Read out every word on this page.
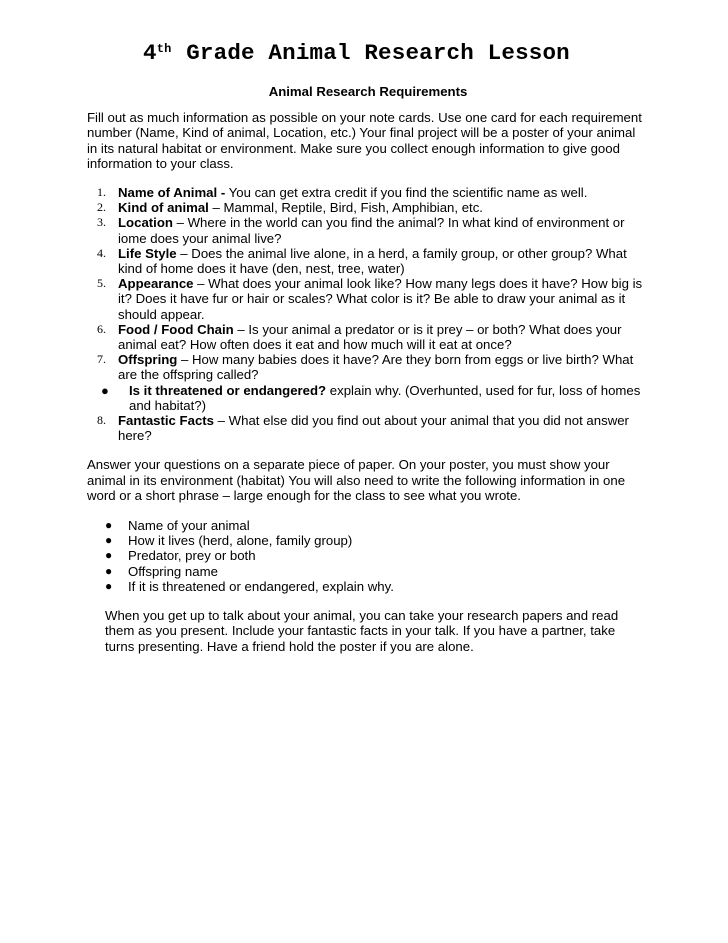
4th Grade Animal Research Lesson
Animal Research Requirements

Fill out as much information as possible on your note cards. Use one card for each requirement number (Name, Kind of animal, Location, etc.) Your final project will be a poster of your animal in its natural habitat or environment. Make sure you collect enough information to give good information to your class.

1. Name of Animal - You can get extra credit if you find the scientific name as well.
2. Kind of animal – Mammal, Reptile, Bird, Fish, Amphibian, etc.
3. Location – Where in the world can you find the animal? In what kind of environment or iome does your animal live?
4. Life Style – Does the animal live alone, in a herd, a family group, or other group? What kind of home does it have (den, nest, tree, water)
5. Appearance – What does your animal look like? How many legs does it have? How big is it? Does it have fur or hair or scales? What color is it? Be able to draw your animal as it should appear.
6. Food / Food Chain – Is your animal a predator or is it prey – or both? What does your animal eat? How often does it eat and how much will it eat at once?
7. Offspring – How many babies does it have? Are they born from eggs or live birth? What are the offspring called?
● Is it threatened or endangered? explain why. (Overhunted, used for fur, loss of homes and habitat?)
8. Fantastic Facts – What else did you find out about your animal that you did not answer here?

Answer your questions on a separate piece of paper. On your poster, you must show your animal in its environment (habitat) You will also need to write the following information in one word or a short phrase – large enough for the class to see what you wrote.

● Name of your animal
● How it lives (herd, alone, family group)
● Predator, prey or both
● Offspring name
● If it is threatened or endangered, explain why.

When you get up to talk about your animal, you can take your research papers and read them as you present. Include your fantastic facts in your talk. If you have a partner, take turns presenting. Have a friend hold the poster if you are alone.
